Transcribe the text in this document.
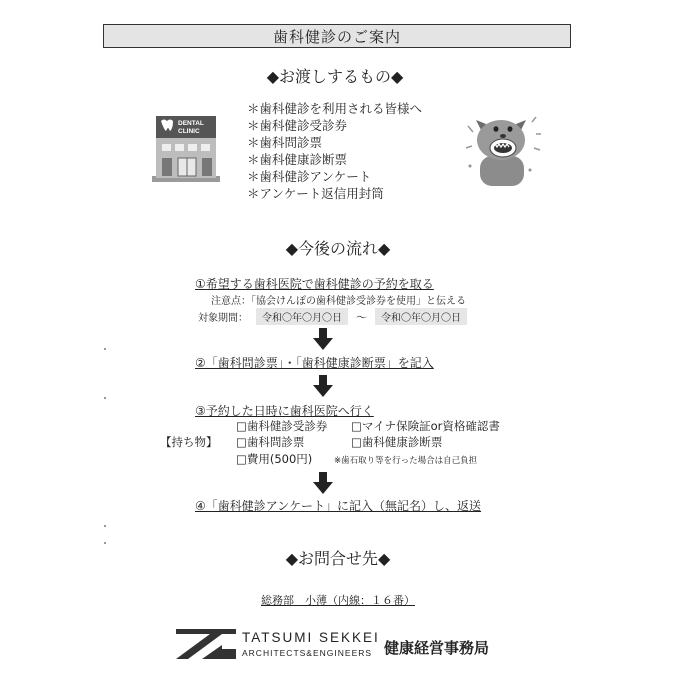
歯科健診のご案内
◆お渡しするもの◆
DENTAL
CLINIC
＊歯科健診を利用される皆様へ
＊歯科健診受診券
＊歯科問診票
＊歯科健康診断票
＊歯科健診アンケート
＊アンケート返信用封筒
◆今後の流れ◆
①希望する歯科医院で歯科健診の予約を取る
注意点：「協会けんぽの歯科健診受診券を使用」と伝える
対象期間：	令和〇年〇月〇日	～	令和〇年〇月〇日
②「歯科問診票」・「歯科健康診断票」を記入
③予約した日時に歯科医院へ行く
【持ち物】
□歯科健診受診券 □マイナ保険証or資格確認書
□歯科問診票	□歯科健康診断票
□費用(500円)	※歯石取り等を行った場合は自己負担
④「歯科健診アンケート」に記入（無記名）し、返送
◆お問合せ先◆
総務部　小薄（内線：１６番）
TATSUMI SEKKEI
ARCHITECTS&ENGINEERS 健康経営事務局
